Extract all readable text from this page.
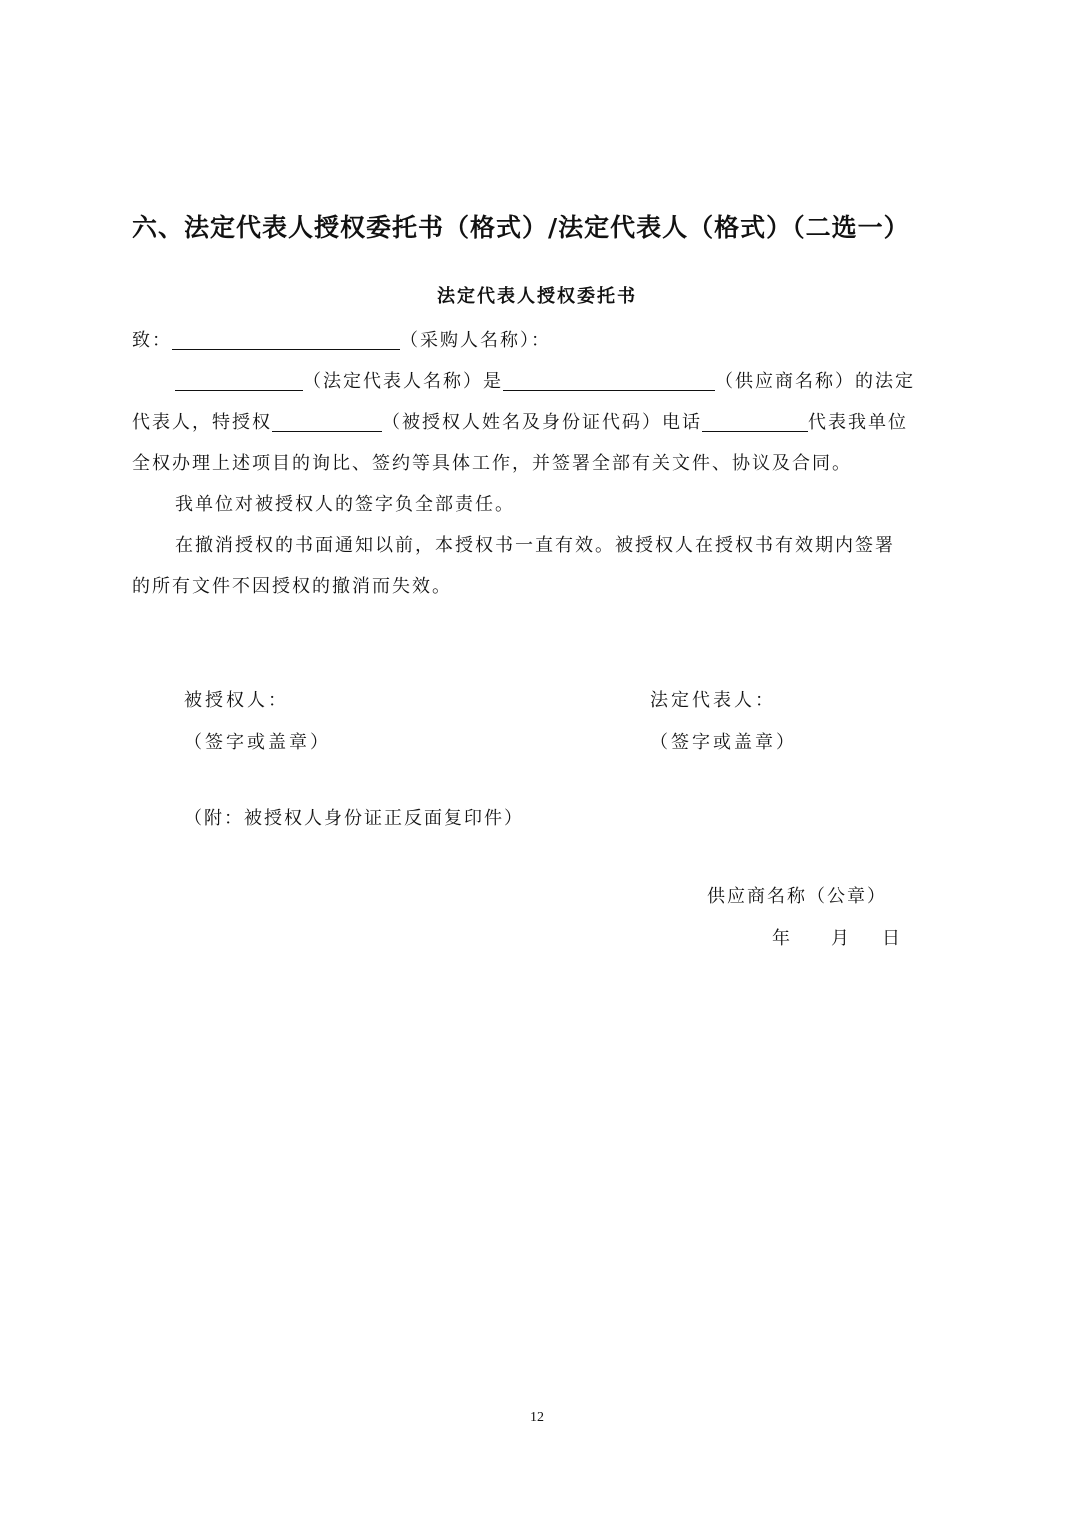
六、法定代表人授权委托书（格式）/法定代表人（格式）（二选一）
法定代表人授权委托书
致：	（采购人名称）：
（法定代表人名称）是	（供应商名称）的法定
代表人，特授权	（被授权人姓名及身份证代码）电话	代表我单位
全权办理上述项目的询比、签约等具体工作，并签署全部有关文件、协议及合同。
我单位对被授权人的签字负全部责任。
在撤消授权的书面通知以前，本授权书一直有效。被授权人在授权书有效期内签署
的所有文件不因授权的撤消而失效。
被授权人：
（签字或盖章）
法定代表人：
（签字或盖章）
（附：被授权人身份证正反面复印件）
供应商名称（公章）
年 月 日
12
